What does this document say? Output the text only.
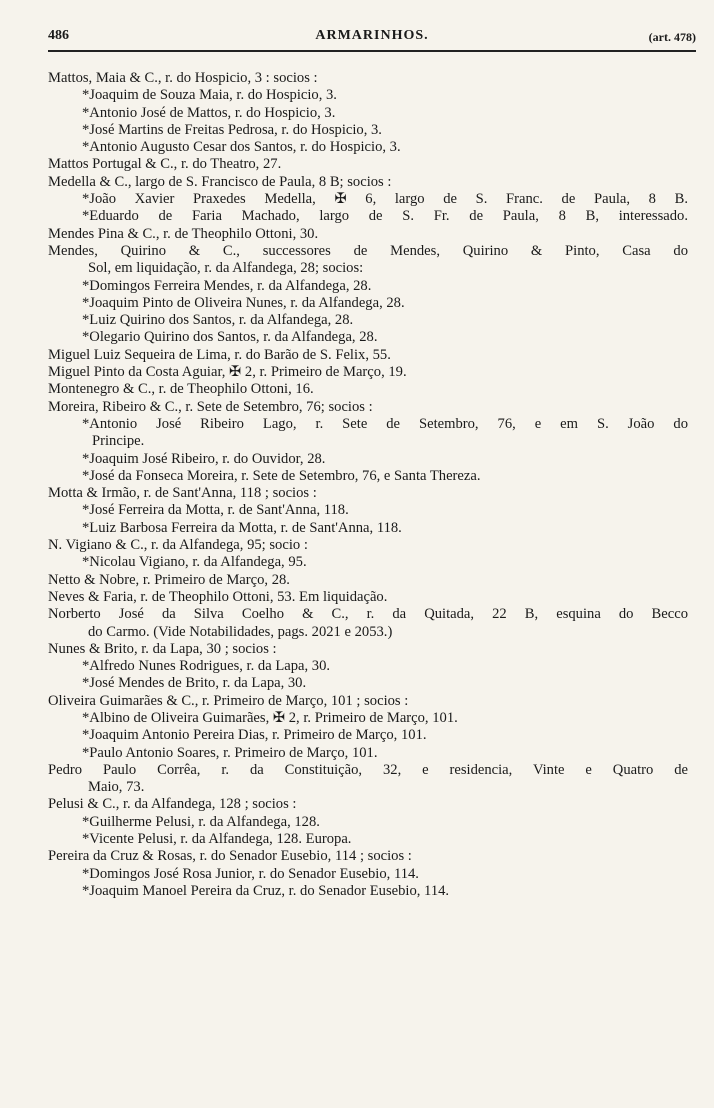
486	ARMARINHOS.	(art. 478)
Mattos, Maia & C., r. do Hospicio, 3 : socios :
*Joaquim de Souza Maia, r. do Hospicio, 3.
*Antonio José de Mattos, r. do Hospicio, 3.
*José Martins de Freitas Pedrosa, r. do Hospicio, 3.
*Antonio Augusto Cesar dos Santos, r. do Hospicio, 3.
Mattos Portugal & C., r. do Theatro, 27.
Medella & C., largo de S. Francisco de Paula, 8 B; socios :
*João Xavier Praxedes Medella, ✠ 6, largo de S. Franc. de Paula, 8 B.
*Eduardo de Faria Machado, largo de S. Fr. de Paula, 8 B, interessado.
Mendes Pina & C., r. de Theophilo Ottoni, 30.
Mendes, Quirino & C., successores de Mendes, Quirino & Pinto, Casa do
Sol, em liquidação, r. da Alfandega, 28; socios:
*Domingos Ferreira Mendes, r. da Alfandega, 28.
*Joaquim Pinto de Oliveira Nunes, r. da Alfandega, 28.
*Luiz Quirino dos Santos, r. da Alfandega, 28.
*Olegario Quirino dos Santos, r. da Alfandega, 28.
Miguel Luiz Sequeira de Lima, r. do Barão de S. Felix, 55.
Miguel Pinto da Costa Aguiar, ✠ 2, r. Primeiro de Março, 19.
Montenegro & C., r. de Theophilo Ottoni, 16.
Moreira, Ribeiro & C., r. Sete de Setembro, 76; socios :
*Antonio José Ribeiro Lago, r. Sete de Setembro, 76, e em S. João do
Principe.
*Joaquim José Ribeiro, r. do Ouvidor, 28.
*José da Fonseca Moreira, r. Sete de Setembro, 76, e Santa Thereza.
Motta & Irmão, r. de Sant'Anna, 118 ; socios :
*José Ferreira da Motta, r. de Sant'Anna, 118.
*Luiz Barbosa Ferreira da Motta, r. de Sant'Anna, 118.
N. Vigiano & C., r. da Alfandega, 95; socio :
*Nicolau Vigiano, r. da Alfandega, 95.
Netto & Nobre, r. Primeiro de Março, 28.
Neves & Faria, r. de Theophilo Ottoni, 53. Em liquidação.
Norberto José da Silva Coelho & C., r. da Quitada, 22 B, esquina do Becco
do Carmo. (Vide Notabilidades, pags. 2021 e 2053.)
Nunes & Brito, r. da Lapa, 30 ; socios :
*Alfredo Nunes Rodrigues, r. da Lapa, 30.
*José Mendes de Brito, r. da Lapa, 30.
Oliveira Guimarães & C., r. Primeiro de Março, 101 ; socios :
*Albino de Oliveira Guimarães, ✠ 2, r. Primeiro de Março, 101.
*Joaquim Antonio Pereira Dias, r. Primeiro de Março, 101.
*Paulo Antonio Soares, r. Primeiro de Março, 101.
Pedro Paulo Corrêa, r. da Constituição, 32, e residencia, Vinte e Quatro de
Maio, 73.
Pelusi & C., r. da Alfandega, 128 ; socios :
*Guilherme Pelusi, r. da Alfandega, 128.
*Vicente Pelusi, r. da Alfandega, 128. Europa.
Pereira da Cruz & Rosas, r. do Senador Eusebio, 114 ; socios :
*Domingos José Rosa Junior, r. do Senador Eusebio, 114.
*Joaquim Manoel Pereira da Cruz, r. do Senador Eusebio, 114.
